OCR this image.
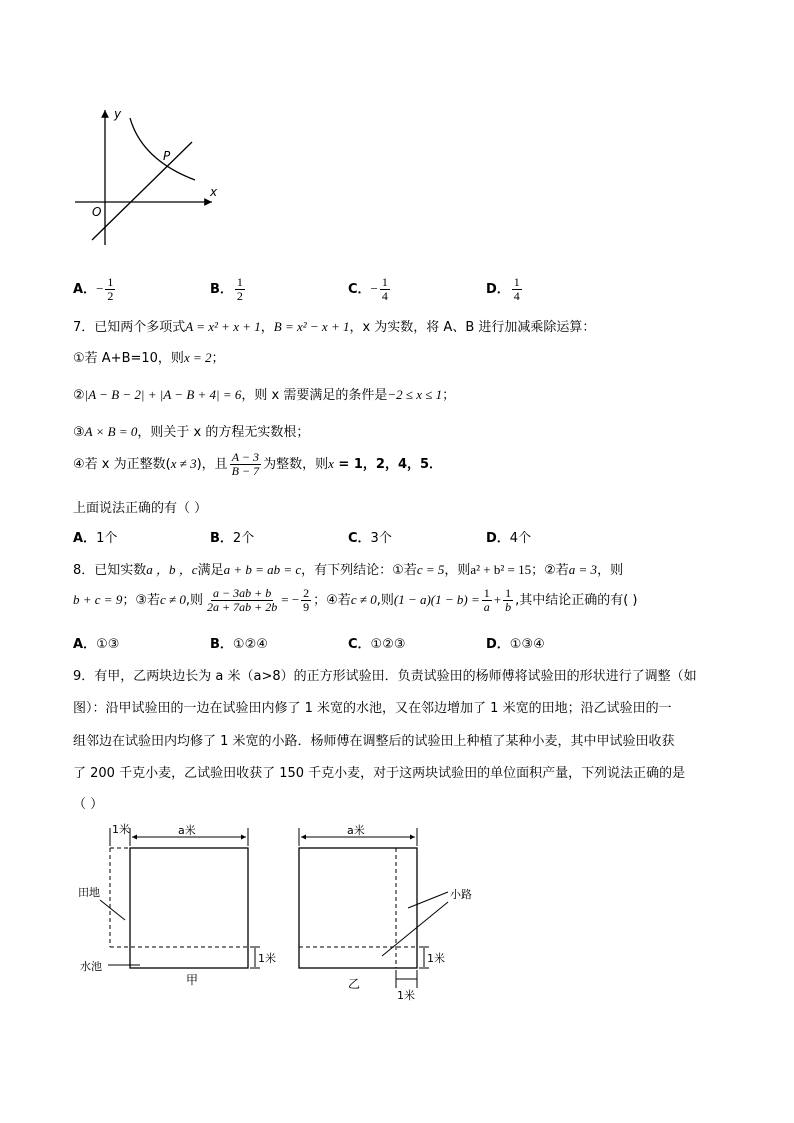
y
x
O
P
A．− $\frac{1}{2}$	B． $\frac{1}{2}$	C．− $\frac{1}{4}$	D． $\frac{1}{4}$
7．已知两个多项式A = x² + x + 1，B = x² − x + 1，x 为实数，将 A、B 进行加减乘除运算：
①若 A+B=10，则x = 2；
②|A − B − 2| + |A − B + 4| = 6，则 x 需要满足的条件是−2 ≤ x ≤ 1；
③A × B = 0，则关于 x 的方程无实数根；
④若 x 为正整数(x ≠ 3)，且 $\frac{A - 3}{B - 7}$ 为整数，则x = 1，2，4，5．
上面说法正确的有（ ）
A．1个	B．2个	C．3个	D．4个
8．已知实数a ，b ，c满足a + b = ab = c，有下列结论：①若c = 5，则a² + b² = 15；②若a = 3，则
b + c = 9；③若c ≠ 0,则 $\frac{a - 3ab + b}{2a + 7ab + 2b}$ = − $\frac{2}{9}$ ；④若c ≠ 0,则$(1 - a)(1 - b) = \frac{1}{a} + \frac{1}{b}$ ,其中结论正确的有( )
A．①③	B．①②④	C．①②③	D．①③④
9．有甲，乙两块边长为 a 米（a>8）的正方形试验田．负责试验田的杨师傅将试验田的形状进行了调整（如
图）：沿甲试验田的一边在试验田内修了 1 米宽的水池，又在邻边增加了 1 米宽的田地；沿乙试验田的一
组邻边在试验田内均修了 1 米宽的小路．杨师傅在调整后的试验田上种植了某种小麦，其中甲试验田收获
了 200 千克小麦，乙试验田收获了 150 千克小麦，对于这两块试验田的单位面积产量，下列说法正确的是
（ ）
1米	a米
田地
水池
1米
甲
a米
小路
1米
1米
乙
